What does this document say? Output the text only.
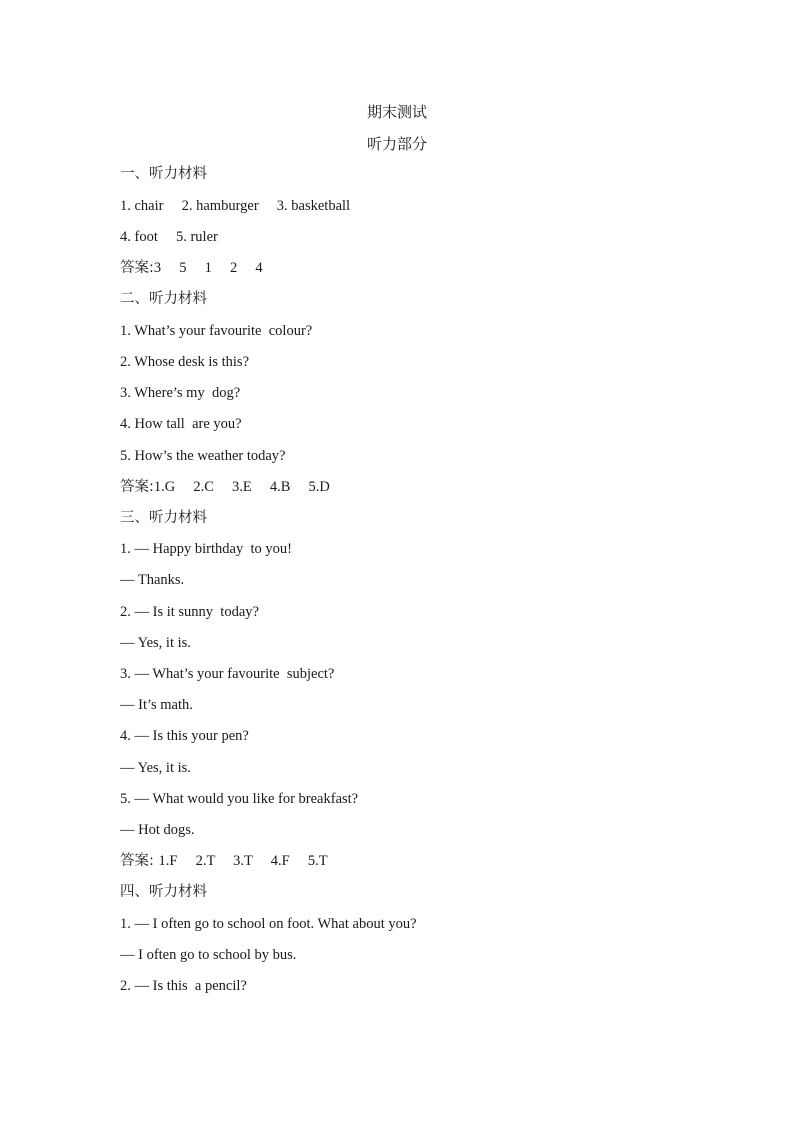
期末测试
听力部分
一、听力材料
1. chair     2. hamburger     3. basketball
4. foot     5. ruler
答案:3     5     1     2     4
二、听力材料
1. What’s your favourite  colour?
2. Whose desk is this?
3. Where’s my  dog?
4. How tall  are you?
5. How’s the weather today?
答案:1.G     2.C     3.E     4.B     5.D
三、听力材料
1. — Happy birthday  to you!
— Thanks.
2. — Is it sunny  today?
— Yes, it is.
3. — What’s your favourite  subject?
— It’s math.
4. — Is this your pen?
— Yes, it is.
5. — What would you like for breakfast?
— Hot dogs.
答案: 1.F     2.T     3.T     4.F     5.T
四、听力材料
1. — I often go to school on foot. What about you?
— I often go to school by bus.
2. — Is this  a pencil?
